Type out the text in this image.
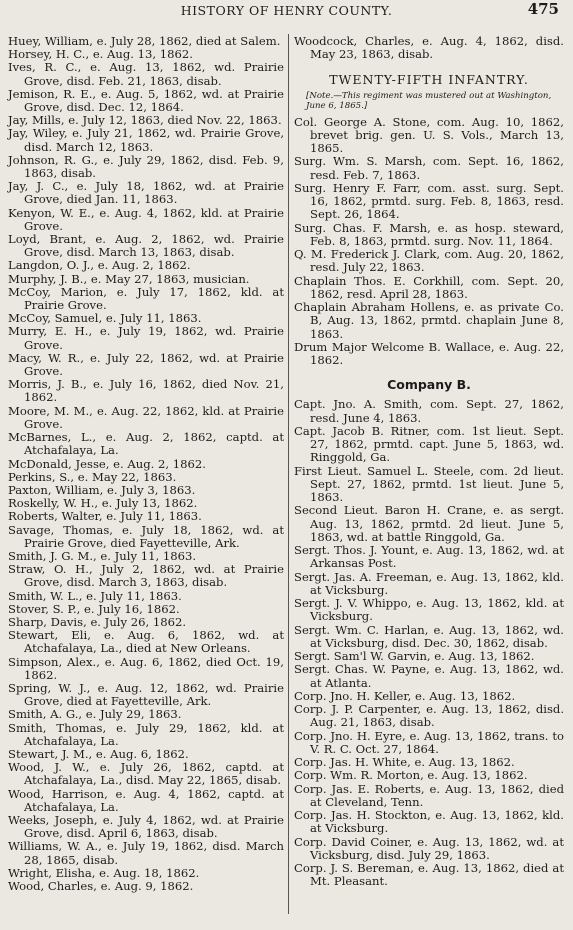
HISTORY OF HENRY COUNTY.	475
Huey, William, e. July 28, 1862, died at Salem.
Horsey, H. C., e. Aug. 13, 1862.
Ives, R. C., e. Aug. 13, 1862, wd. Prairie Grove, disd. Feb. 21, 1863, disab.
Jemison, R. E., e. Aug. 5, 1862, wd. at Prairie Grove, disd. Dec. 12, 1864.
Jay, Mills, e. July 12, 1863, died Nov. 22, 1863.
Jay, Wiley, e. July 21, 1862, wd. Prairie Grove, disd. March 12, 1863.
Johnson, R. G., e. July 29, 1862, disd. Feb. 9, 1863, disab.
Jay, J. C., e. July 18, 1862, wd. at Prairie Grove, died Jan. 11, 1863.
Kenyon, W. E., e. Aug. 4, 1862, kld. at Prairie Grove.
Loyd, Brant, e. Aug. 2, 1862, wd. Prairie Grove, disd. March 13, 1863, disab.
Langdon, O. J., e. Aug. 2, 1862.
Murphy, J. B., e. May 27, 1863, musician.
McCoy, Marion, e. July 17, 1862, kld. at Prairie Grove.
McCoy, Samuel, e. July 11, 1863.
Murry, E. H., e. July 19, 1862, wd. Prairie Grove.
Macy, W. R., e. July 22, 1862, wd. at Prairie Grove.
Morris, J. B., e. July 16, 1862, died Nov. 21, 1862.
Moore, M. M., e. Aug. 22, 1862, kld. at Prairie Grove.
McBarnes, L., e. Aug. 2, 1862, captd. at Atchafalaya, La.
McDonald, Jesse, e. Aug. 2, 1862.
Perkins, S., e. May 22, 1863.
Paxton, William, e. July 3, 1863.
Roskelly, W. H., e. July 13, 1862.
Roberts, Walter, e. July 11, 1863.
Savage, Thomas, e. July 18, 1862, wd. at Prairie Grove, died Fayetteville, Ark.
Smith, J. G. M., e. July 11, 1863.
Straw, O. H., July 2, 1862, wd. at Prairie Grove, disd. March 3, 1863, disab.
Smith, W. L., e. July 11, 1863.
Stover, S. P., e. July 16, 1862.
Sharp, Davis, e. July 26, 1862.
Stewart, Eli, e. Aug. 6, 1862, wd. at Atchafalaya, La., died at New Orleans.
Simpson, Alex., e. Aug. 6, 1862, died Oct. 19, 1862.
Spring, W. J., e. Aug. 12, 1862, wd. Prairie Grove, died at Fayetteville, Ark.
Smith, A. G., e. July 29, 1863.
Smith, Thomas, e. July 29, 1862, kld. at Atchafalaya, La.
Stewart, J. M., e. Aug. 6, 1862.
Wood, J. W., e. July 26, 1862, captd. at Atchafalaya, La., disd. May 22, 1865, disab.
Wood, Harrison, e. Aug. 4, 1862, captd. at Atchafalaya, La.
Weeks, Joseph, e. July 4, 1862, wd. at Prairie Grove, disd. April 6, 1863, disab.
Williams, W. A., e. July 19, 1862, disd. March 28, 1865, disab.
Wright, Elisha, e. Aug. 18, 1862.
Wood, Charles, e. Aug. 9, 1862.
Woodcock, Charles, e. Aug. 4, 1862, disd. May 23, 1863, disab.
TWENTY-FIFTH INFANTRY.
[Note.—This regiment was mustered out at Washington, June 6, 1865.]
Col. George A. Stone, com. Aug. 10, 1862, brevet brig. gen. U. S. Vols., March 13, 1865.
Surg. Wm. S. Marsh, com. Sept. 16, 1862, resd. Feb. 7, 1863.
Surg. Henry F. Farr, com. asst. surg. Sept. 16, 1862, prmtd. surg. Feb. 8, 1863, resd. Sept. 26, 1864.
Surg. Chas. F. Marsh, e. as hosp. steward, Feb. 8, 1863, prmtd. surg. Nov. 11, 1864.
Q. M. Frederick J. Clark, com. Aug. 20, 1862, resd. July 22, 1863.
Chaplain Thos. E. Corkhill, com. Sept. 20, 1862, resd. April 28, 1863.
Chaplain Abraham Hollens, e. as private Co. B, Aug. 13, 1862, prmtd. chaplain June 8, 1863.
Drum Major Welcome B. Wallace, e. Aug. 22, 1862.
Company B.
Capt. Jno. A. Smith, com. Sept. 27, 1862, resd. June 4, 1863.
Capt. Jacob B. Ritner, com. 1st lieut. Sept. 27, 1862, prmtd. capt. June 5, 1863, wd. Ringgold, Ga.
First Lieut. Samuel L. Steele, com. 2d lieut. Sept. 27, 1862, prmtd. 1st lieut. June 5, 1863.
Second Lieut. Baron H. Crane, e. as sergt. Aug. 13, 1862, prmtd. 2d lieut. June 5, 1863, wd. at battle Ringgold, Ga.
Sergt. Thos. J. Yount, e. Aug. 13, 1862, wd. at Arkansas Post.
Sergt. Jas. A. Freeman, e. Aug. 13, 1862, kld. at Vicksburg.
Sergt. J. V. Whippo, e. Aug. 13, 1862, kld. at Vicksburg.
Sergt. Wm. C. Harlan, e. Aug. 13, 1862, wd. at Vicksburg, disd. Dec. 30, 1862, disab.
Sergt. Sam'l W. Garvin, e. Aug. 13, 1862.
Sergt. Chas. W. Payne, e. Aug. 13, 1862, wd. at Atlanta.
Corp. Jno. H. Keller, e. Aug. 13, 1862.
Corp. J. P. Carpenter, e. Aug. 13, 1862, disd. Aug. 21, 1863, disab.
Corp. Jno. H. Eyre, e. Aug. 13, 1862, trans. to V. R. C. Oct. 27, 1864.
Corp. Jas. H. White, e. Aug. 13, 1862.
Corp. Wm. R. Morton, e. Aug. 13, 1862.
Corp. Jas. E. Roberts, e. Aug. 13, 1862, died at Cleveland, Tenn.
Corp. Jas. H. Stockton, e. Aug. 13, 1862, kld. at Vicksburg.
Corp. David Coiner, e. Aug. 13, 1862, wd. at Vicksburg, disd. July 29, 1863.
Corp. J. S. Bereman, e. Aug. 13, 1862, died at Mt. Pleasant.
